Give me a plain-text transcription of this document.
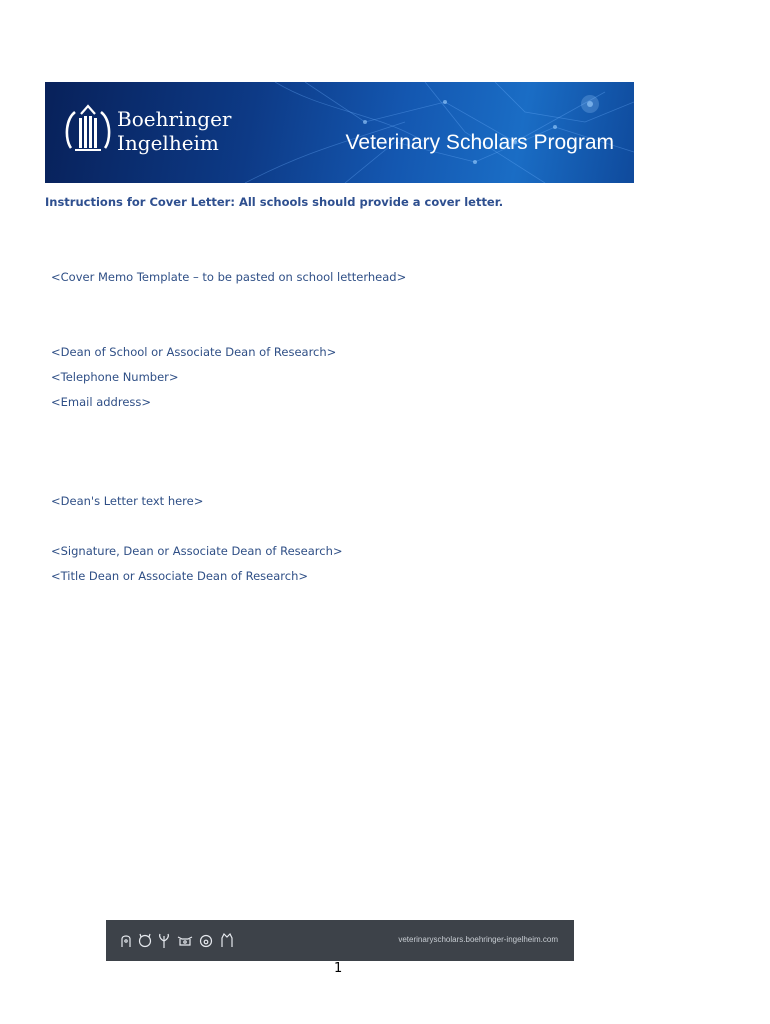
Boehringer
Ingelheim	Veterinary Scholars Program
Instructions for Cover Letter: All schools should provide a cover letter.
<Cover Memo Template – to be pasted on school letterhead>
<Dean of School or Associate Dean of Research>
<Telephone Number>
<Email address>
<Dean's Letter text here>
<Signature, Dean or Associate Dean of Research>
<Title Dean or Associate Dean of Research>
veterinaryscholars.boehringer-ingelheim.com
1
